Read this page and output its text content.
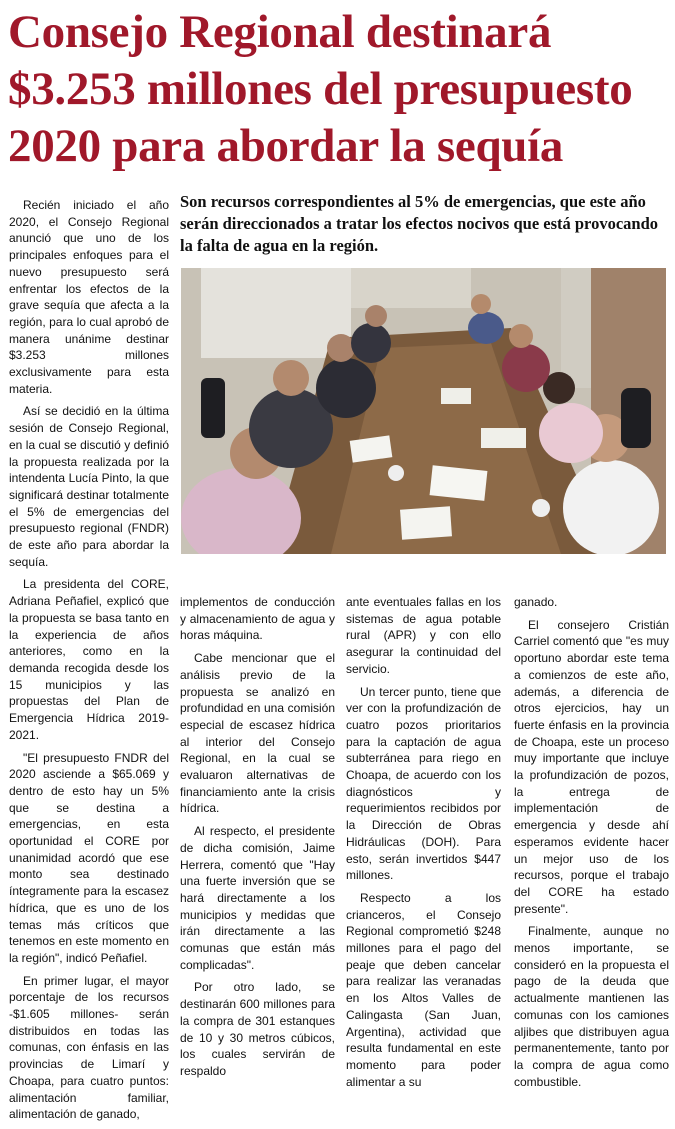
Consejo Regional destinará $3.253 millones del presupuesto 2020 para abordar la sequía
Son recursos correspondientes al 5% de emergencias, que este año serán direccionados a tratar los efectos nocivos que está provocando la falta de agua en la región.

Recién iniciado el año 2020, el Consejo Regional anunció que uno de los principales enfoques para el nuevo presupuesto será enfrentar los efectos de la grave sequía que afecta a la región, para lo cual aprobó de manera unánime destinar $3.253 millones exclusivamente para esta materia.

Así se decidió en la última sesión de Consejo Regional, en la cual se discutió y definió la propuesta realizada por la intendenta Lucía Pinto, la que significará destinar totalmente el 5% de emergencias del presupuesto regional (FNDR) de este año para abordar la sequía.

La presidenta del CORE, Adriana Peñafiel, explicó que la propuesta se basa tanto en la experiencia de años anteriores, como en la demanda recogida desde los 15 municipios y las propuestas del Plan de Emergencia Hídrica 2019-2021.

"El presupuesto FNDR del 2020 asciende a $65.069 y dentro de esto hay un 5% que se destina a emergencias, en esta oportunidad el CORE por unanimidad acordó que ese monto sea destinado íntegramente para la escasez hídrica, que es uno de los temas más críticos que tenemos en este momento en la región", indicó Peñafiel.

En primer lugar, el mayor porcentaje de los recursos -$1.605 millones- serán distribuidos en todas las comunas, con énfasis en las provincias de Limarí y Choapa, para cuatro puntos: alimentación familiar, alimentación de ganado,

implementos de conducción y almacenamiento de agua y horas máquina.

Cabe mencionar que el análisis previo de la propuesta se analizó en profundidad en una comisión especial de escasez hídrica al interior del Consejo Regional, en la cual se evaluaron alternativas de financiamiento ante la crisis hídrica.

Al respecto, el presidente de dicha comisión, Jaime Herrera, comentó que "Hay una fuerte inversión que se hará directamente a los municipios y medidas que irán directamente a las comunas que están más complicadas".

Por otro lado, se destinarán 600 millones para la compra de 301 estanques de 10 y 30 metros cúbicos, los cuales servirán de respaldo

ante eventuales fallas en los sistemas de agua potable rural (APR) y con ello asegurar la continuidad del servicio.

Un tercer punto, tiene que ver con la profundización de cuatro pozos prioritarios para la captación de agua subterránea para riego en Choapa, de acuerdo con los diagnósticos y requerimientos recibidos por la Dirección de Obras Hidráulicas (DOH). Para esto, serán invertidos $447 millones.

Respecto a los crianceros, el Consejo Regional comprometió $248 millones para el pago del peaje que deben cancelar para realizar las veranadas en los Altos Valles de Calingasta (San Juan, Argentina), actividad que resulta fundamental en este momento para poder alimentar a su

ganado.

El consejero Cristián Carriel comentó que "es muy oportuno abordar este tema a comienzos de este año, además, a diferencia de otros ejercicios, hay un fuerte énfasis en la provincia de Choapa, este un proceso muy importante que incluye la profundización de pozos, la entrega de implementación de emergencia y desde ahí esperamos evidente hacer un mejor uso de los recursos, porque el trabajo del CORE ha estado presente".

Finalmente, aunque no menos importante, se consideró en la propuesta el pago de la deuda que actualmente mantienen las comunas con los camiones aljibes que distribuyen agua permanentemente, tanto por la compra de agua como combustible.
